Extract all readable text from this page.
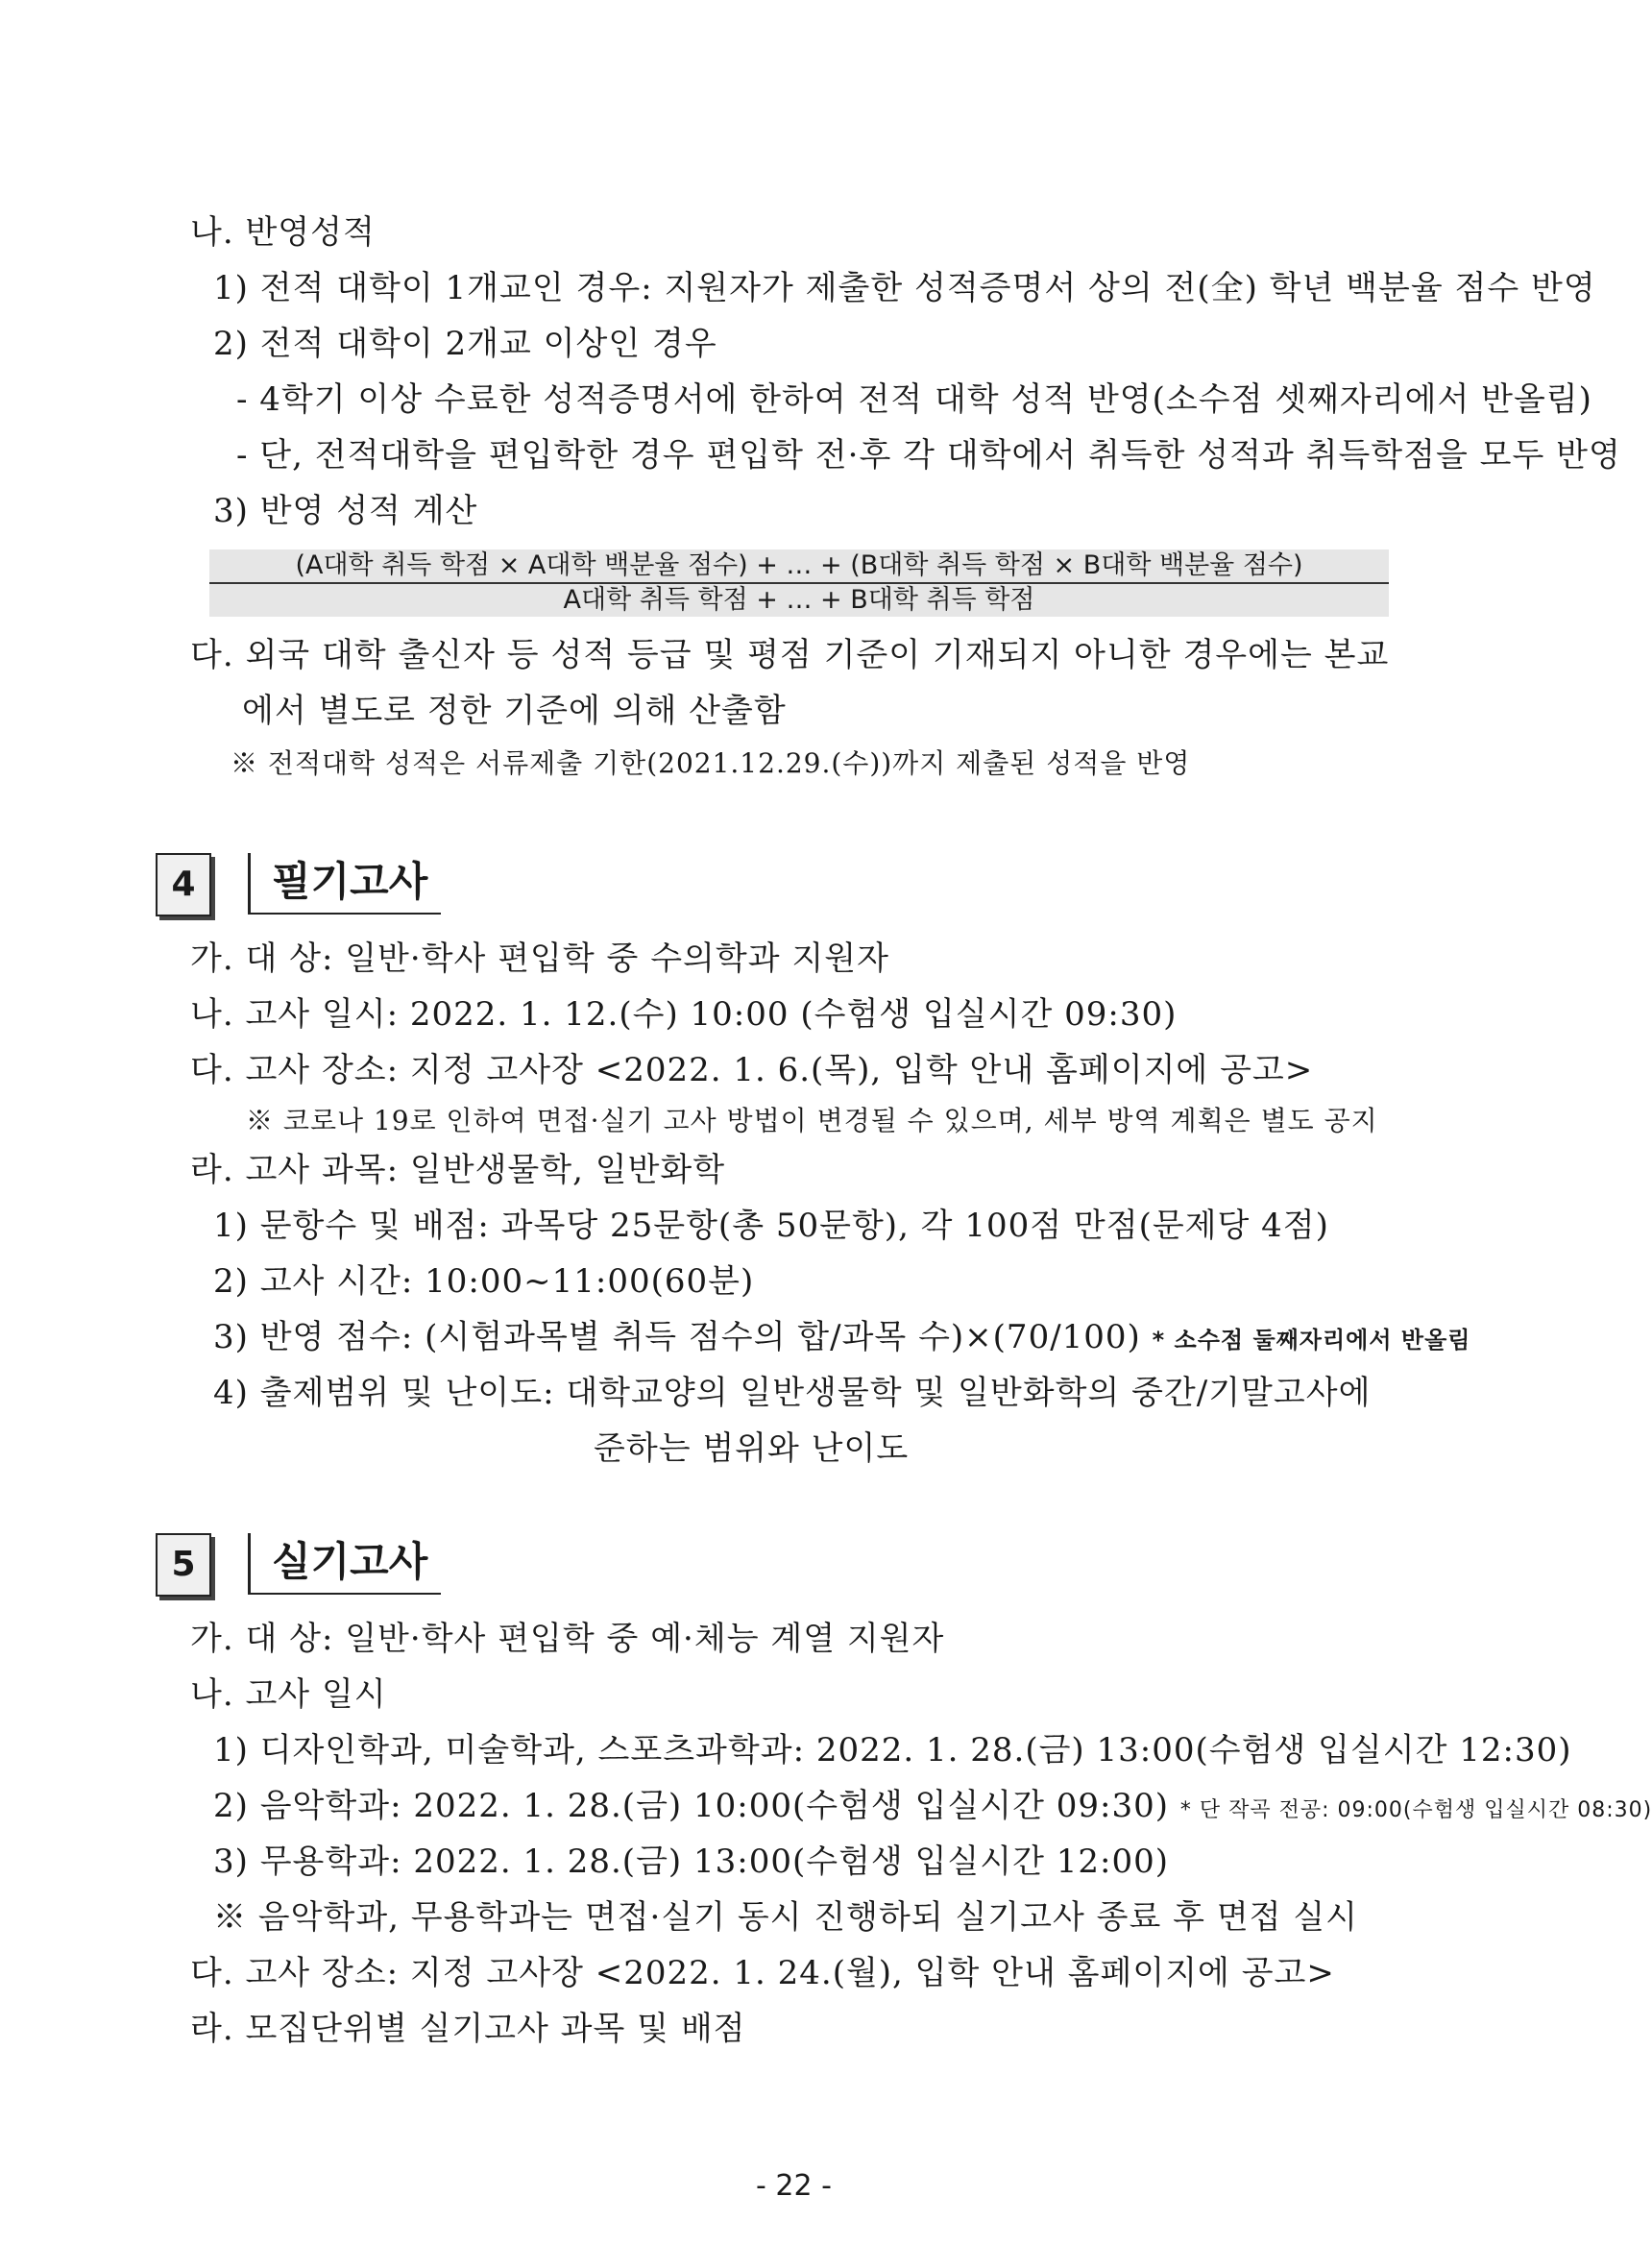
나. 반영성적
1) 전적 대학이 1개교인 경우: 지원자가 제출한 성적증명서 상의 전(全) 학년 백분율 점수 반영
2) 전적 대학이 2개교 이상인 경우
- 4학기 이상 수료한 성적증명서에 한하여 전적 대학 성적 반영(소수점 셋째자리에서 반올림)
- 단, 전적대학을 편입학한 경우 편입학 전·후 각 대학에서 취득한 성적과 취득학점을 모두 반영
3) 반영 성적 계산
(A대학 취득 학점 × A대학 백분율 점수) + … + (B대학 취득 학점 × B대학 백분율 점수)
A대학 취득 학점 + … + B대학 취득 학점
다. 외국 대학 출신자 등 성적 등급 및 평점 기준이 기재되지 아니한 경우에는 본교
에서 별도로 정한 기준에 의해 산출함
※ 전적대학 성적은 서류제출 기한(2021.12.29.(수))까지 제출된 성적을 반영
4	필기고사
가. 대 상: 일반·학사 편입학 중 수의학과 지원자
나. 고사 일시: 2022. 1. 12.(수) 10:00 (수험생 입실시간 09:30)
다. 고사 장소: 지정 고사장 <2022. 1. 6.(목), 입학 안내 홈페이지에 공고>
※ 코로나 19로 인하여 면접·실기 고사 방법이 변경될 수 있으며, 세부 방역 계획은 별도 공지
라. 고사 과목: 일반생물학, 일반화학
1) 문항수 및 배점: 과목당 25문항(총 50문항), 각 100점 만점(문제당 4점)
2) 고사 시간: 10:00~11:00(60분)
3) 반영 점수: (시험과목별 취득 점수의 합/과목 수)×(70/100) * 소수점 둘째자리에서 반올림
4) 출제범위 및 난이도: 대학교양의 일반생물학 및 일반화학의 중간/기말고사에
준하는 범위와 난이도
5	실기고사
가. 대 상: 일반·학사 편입학 중 예·체능 계열 지원자
나. 고사 일시
1) 디자인학과, 미술학과, 스포츠과학과: 2022. 1. 28.(금) 13:00(수험생 입실시간 12:30)
2) 음악학과: 2022. 1. 28.(금) 10:00(수험생 입실시간 09:30) * 단 작곡 전공: 09:00(수험생 입실시간 08:30)
3) 무용학과: 2022. 1. 28.(금) 13:00(수험생 입실시간 12:00)
※ 음악학과, 무용학과는 면접·실기 동시 진행하되 실기고사 종료 후 면접 실시
다. 고사 장소: 지정 고사장 <2022. 1. 24.(월), 입학 안내 홈페이지에 공고>
라. 모집단위별 실기고사 과목 및 배점
- 22 -
